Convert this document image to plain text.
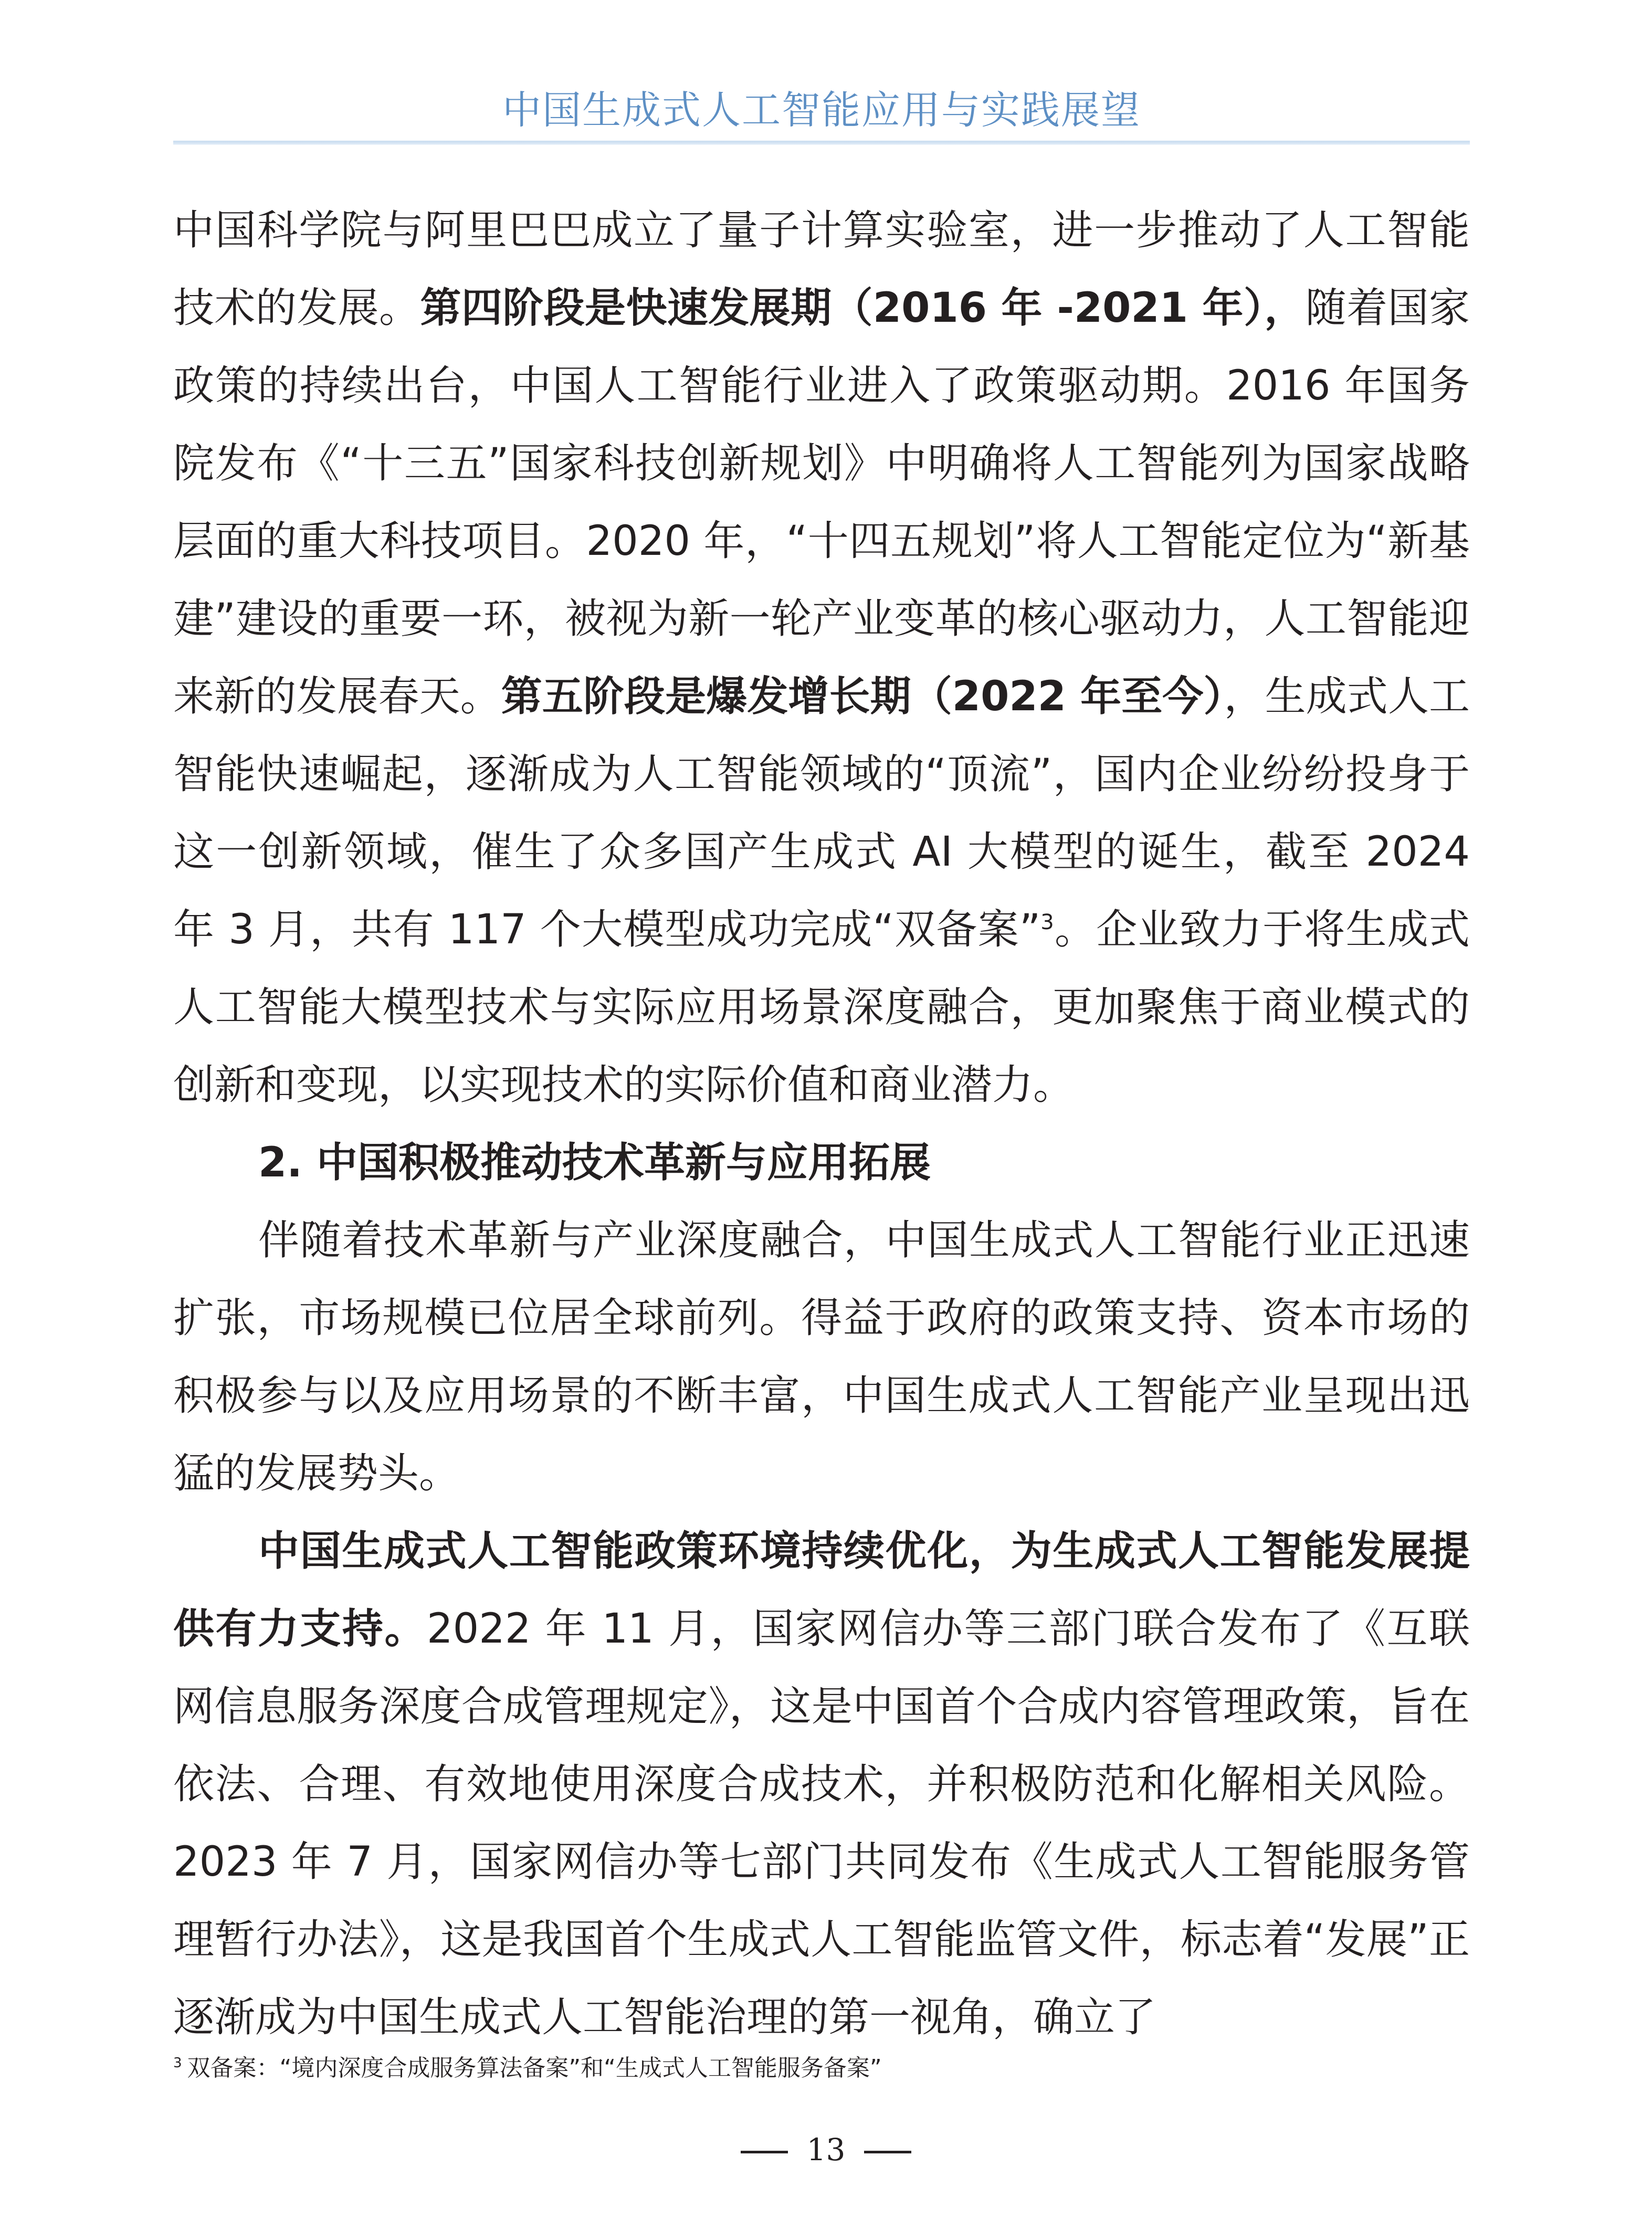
中国生成式人工智能应用与实践展望

中国科学院与阿里巴巴成立了量子计算实验室，进一步推动了人工智能技术的发展。第四阶段是快速发展期（2016 年 -2021 年），随着国家政策的持续出台，中国人工智能行业进入了政策驱动期。2016 年国务院发布《“十三五”国家科技创新规划》中明确将人工智能列为国家战略层面的重大科技项目。2020 年，“十四五规划”将人工智能定位为“新基建”建设的重要一环，被视为新一轮产业变革的核心驱动力，人工智能迎来新的发展春天。第五阶段是爆发增长期（2022 年至今），生成式人工智能快速崛起，逐渐成为人工智能领域的“顶流”，国内企业纷纷投身于这一创新领域，催生了众多国产生成式 AI 大模型的诞生，截至 2024 年 3 月，共有 117 个大模型成功完成“双备案”$^3$。企业致力于将生成式人工智能大模型技术与实际应用场景深度融合，更加聚焦于商业模式的创新和变现，以实现技术的实际价值和商业潜力。

2. 中国积极推动技术革新与应用拓展

伴随着技术革新与产业深度融合，中国生成式人工智能行业正迅速扩张，市场规模已位居全球前列。得益于政府的政策支持、资本市场的积极参与以及应用场景的不断丰富，中国生成式人工智能产业呈现出迅猛的发展势头。

中国生成式人工智能政策环境持续优化，为生成式人工智能发展提供有力支持。2022 年 11 月，国家网信办等三部门联合发布了《互联网信息服务深度合成管理规定》，这是中国首个合成内容管理政策，旨在依法、合理、有效地使用深度合成技术，并积极防范和化解相关风险。2023 年 7 月，国家网信办等七部门共同发布《生成式人工智能服务管理暂行办法》，这是我国首个生成式人工智能监管文件，标志着“发展”正逐渐成为中国生成式人工智能治理的第一视角，确立了

$^3$ 双备案：“境内深度合成服务算法备案”和“生成式人工智能服务备案”
13
